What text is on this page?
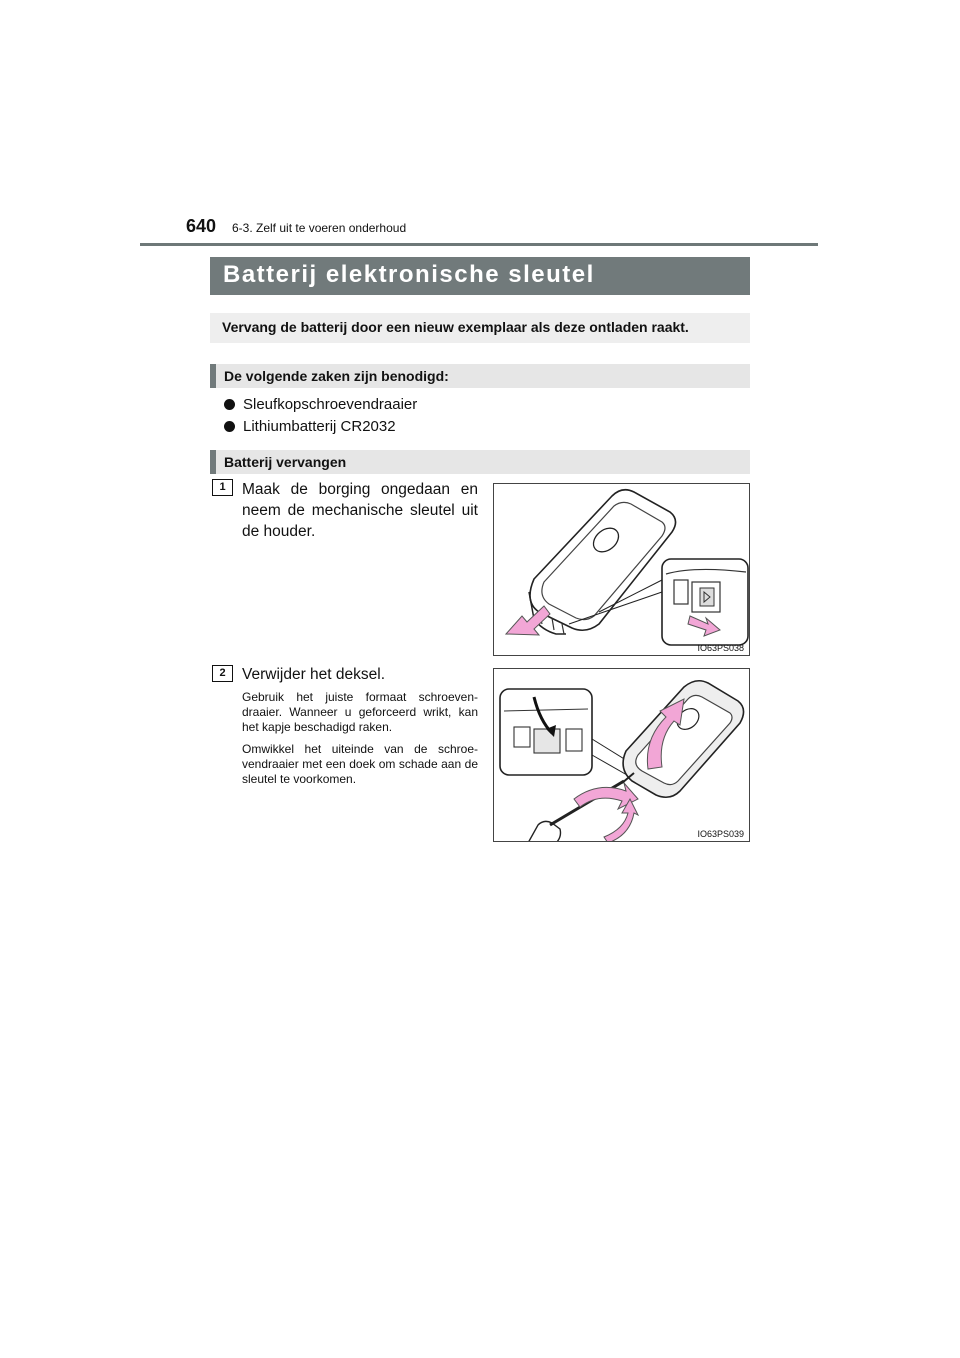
640 6-3. Zelf uit te voeren onderhoud
Batterij elektronische sleutel
Vervang de batterij door een nieuw exemplaar als deze ontladen raakt.
De volgende zaken zijn benodigd:
Sleufkopschroevendraaier
Lithiumbatterij CR2032
Batterij vervangen
1	Maak de borging ongedaan en neem de mechanische sleutel uit de houder.
IO63PS038
2	Verwijder het deksel.
Gebruik het juiste formaat schroeven-draaier. Wanneer u geforceerd wrikt, kan het kapje beschadigd raken.
Omwikkel het uiteinde van de schroe-vendraaier met een doek om schade aan de sleutel te voorkomen.
IO63PS039
